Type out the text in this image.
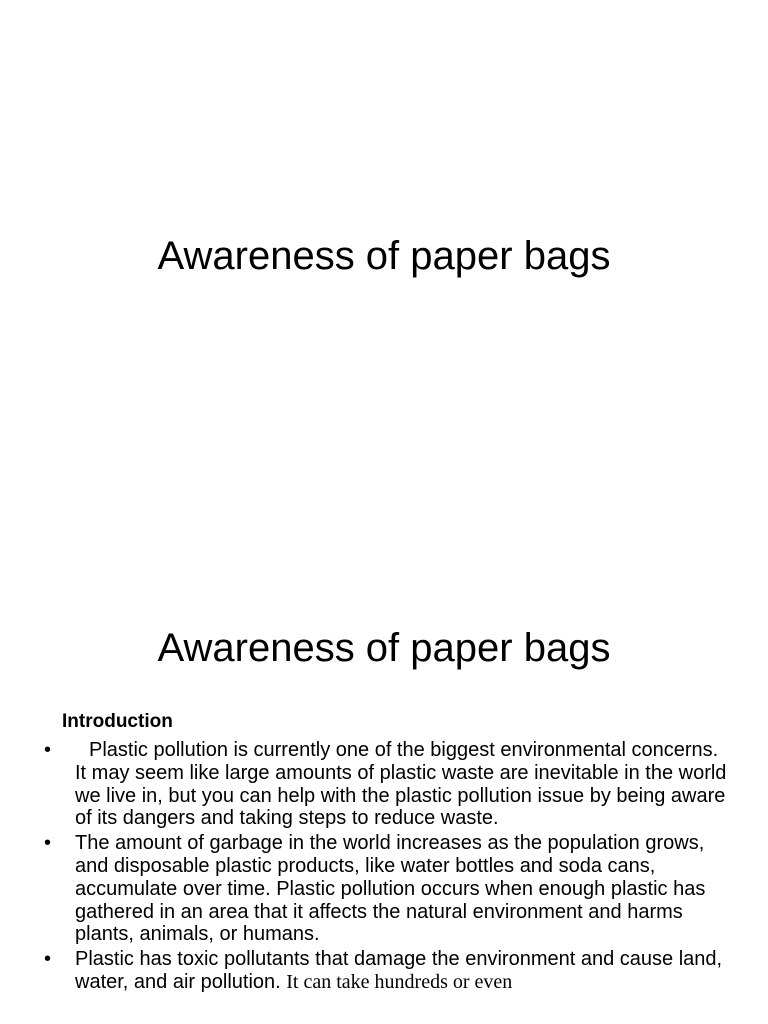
Awareness of paper bags
Awareness of paper bags
Introduction
•	Plastic pollution is currently one of the biggest environmental concerns. It may seem like large amounts of plastic waste are inevitable in the world we live in, but you can help with the plastic pollution issue by being aware of its dangers and taking steps to reduce waste.
• The amount of garbage in the world increases as the population grows, and disposable plastic products, like water bottles and soda cans, accumulate over time. Plastic pollution occurs when enough plastic has gathered in an area that it affects the natural environment and harms plants, animals, or humans.
• Plastic has toxic pollutants that damage the environment and cause land, water, and air pollution. It can take hundreds or even
